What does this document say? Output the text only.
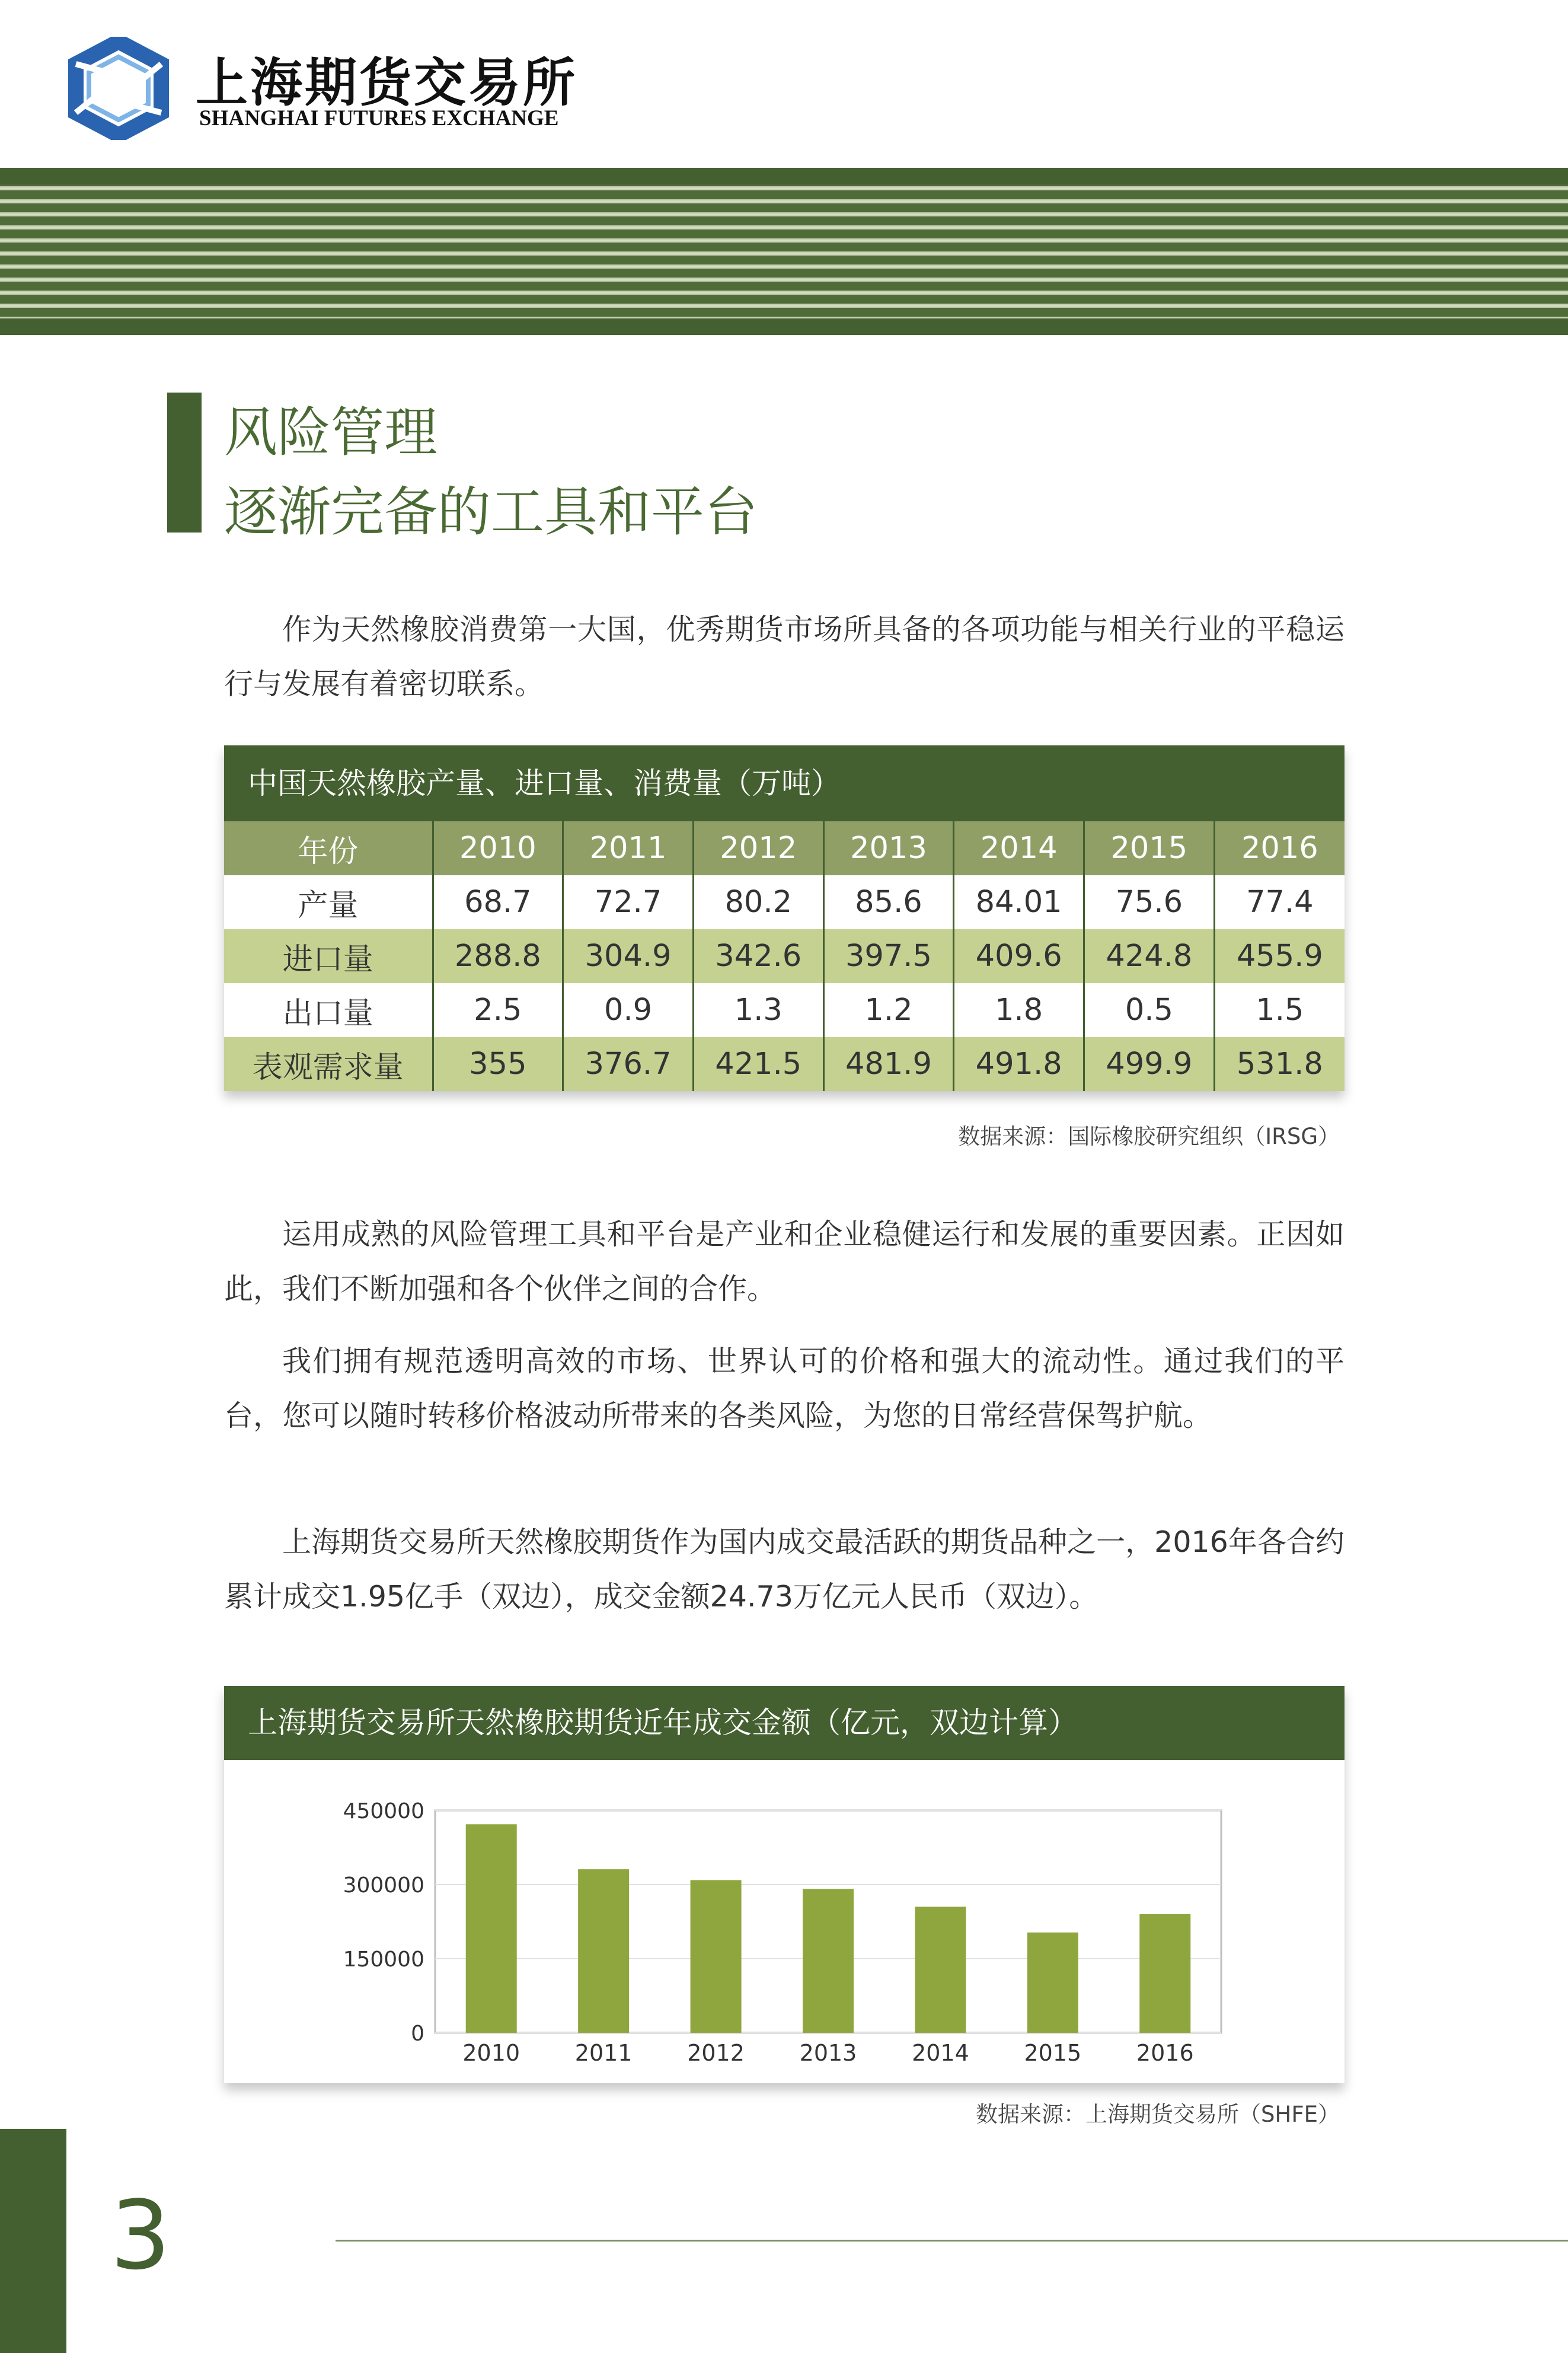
上海期货交易所
SHANGHAI FUTURES EXCHANGE
风险管理
逐渐完备的工具和平台
作为天然橡胶消费第一大国，优秀期货市场所具备的各项功能与相关行业的平稳运行与发展有着密切联系。
中国天然橡胶产量、进口量、消费量（万吨）
年份	2010	2011	2012	2013	2014	2015	2016
产量	68.7	72.7	80.2	85.6	84.01	75.6	77.4
进口量	288.8	304.9	342.6	397.5	409.6	424.8	455.9
出口量	2.5	0.9	1.3	1.2	1.8	0.5	1.5
表观需求量	355	376.7	421.5	481.9	491.8	499.9	531.8
数据来源：国际橡胶研究组织（IRSG）
运用成熟的风险管理工具和平台是产业和企业稳健运行和发展的重要因素。正因如此，我们不断加强和各个伙伴之间的合作。
我们拥有规范透明高效的市场、世界认可的价格和强大的流动性。通过我们的平台，您可以随时转移价格波动所带来的各类风险，为您的日常经营保驾护航。
上海期货交易所天然橡胶期货作为国内成交最活跃的期货品种之一，2016年各合约累计成交1.95亿手（双边），成交金额24.73万亿元人民币（双边）。
上海期货交易所天然橡胶期货近年成交金额（亿元，双边计算）
450000
300000
150000
0
2010 2011 2012 2013 2014 2015 2016
数据来源：上海期货交易所（SHFE）
3
